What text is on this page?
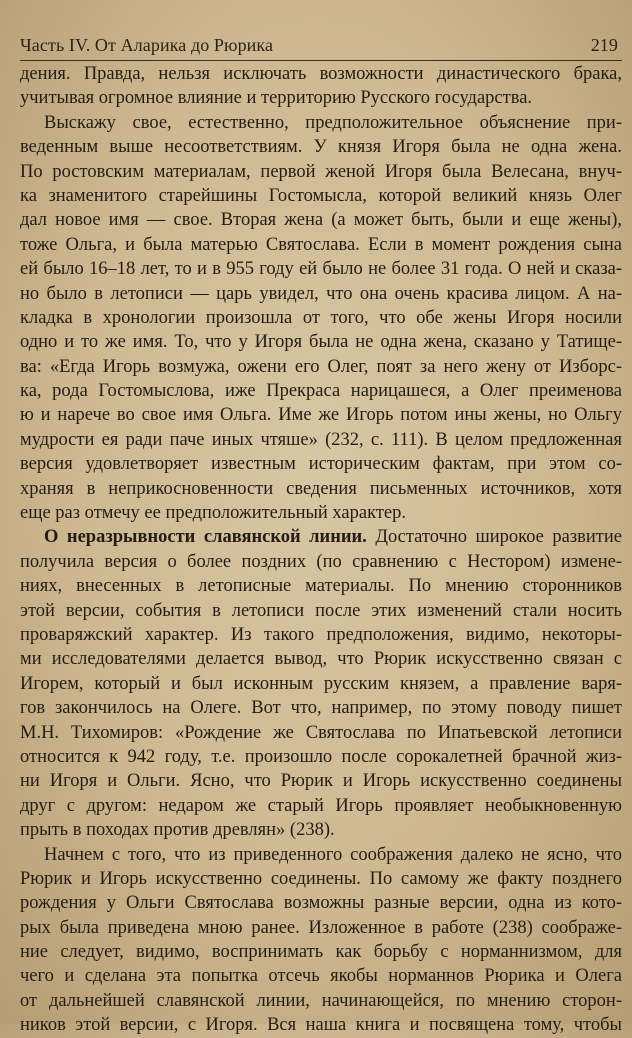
Часть IV. От Аларика до Рюрика	219
дения. Правда, нельзя исключать возможности династического брака,
учитывая огромное влияние и территорию Русского государства.
Выскажу свое, естественно, предположительное объяснение при-
веденным выше несоответствиям. У князя Игоря была не одна жена.
По ростовским материалам, первой женой Игоря была Велесана, внуч-
ка знаменитого старейшины Гостомысла, которой великий князь Олег
дал новое имя — свое. Вторая жена (а может быть, были и еще жены),
тоже Ольга, и была матерью Святослава. Если в момент рождения сына
ей было 16–18 лет, то и в 955 году ей было не более 31 года. О ней и сказа-
но было в летописи — царь увидел, что она очень красива лицом. А на-
кладка в хронологии произошла от того, что обе жены Игоря носили
одно и то же имя. То, что у Игоря была не одна жена, сказано у Татище-
ва: «Егда Игорь возмужа, ожени его Олег, поят за него жену от Изборс-
ка, рода Гостомыслова, иже Прекраса нарицашеся, а Олег преименова
ю и нарече во свое имя Ольга. Име же Игорь потом ины жены, но Ольгу
мудрости ея ради паче иных чтяше» (232, с. 111). В целом предложенная
версия удовлетворяет известным историческим фактам, при этом со-
храняя в неприкосновенности сведения письменных источников, хотя
еще раз отмечу ее предположительный характер.
О неразрывности славянской линии. Достаточно широкое развитие
получила версия о более поздних (по сравнению с Нестором) измене-
ниях, внесенных в летописные материалы. По мнению сторонников
этой версии, события в летописи после этих изменений стали носить
провaряжский характер. Из такого предположения, видимо, некоторы-
ми исследователями делается вывод, что Рюрик искусственно связан с
Игорем, который и был исконным русским князем, а правление варя-
гов закончилось на Олеге. Вот что, например, по этому поводу пишет
М.Н. Тихомиров: «Рождение же Святослава по Ипатьевской летописи
относится к 942 году, т.е. произошло после сорокалетней брачной жиз-
ни Игоря и Ольги. Ясно, что Рюрик и Игорь искусственно соединены
друг с другом: недаром же старый Игорь проявляет необыкновенную
прыть в походах против древлян» (238).
Начнем с того, что из приведенного соображения далеко не ясно, что
Рюрик и Игорь искусственно соединены. По самому же факту позднего
рождения у Ольги Святослава возможны разные версии, одна из кото-
рых была приведена мною ранее. Изложенное в работе (238) соображе-
ние следует, видимо, воспринимать как борьбу с норманнизмом, для
чего и сделана эта попытка отсечь якобы норманнов Рюрика и Олега
от дальнейшей славянской линии, начинающейся, по мнению сторон-
ников этой версии, с Игоря. Вся наша книга и посвящена тому, чтобы
